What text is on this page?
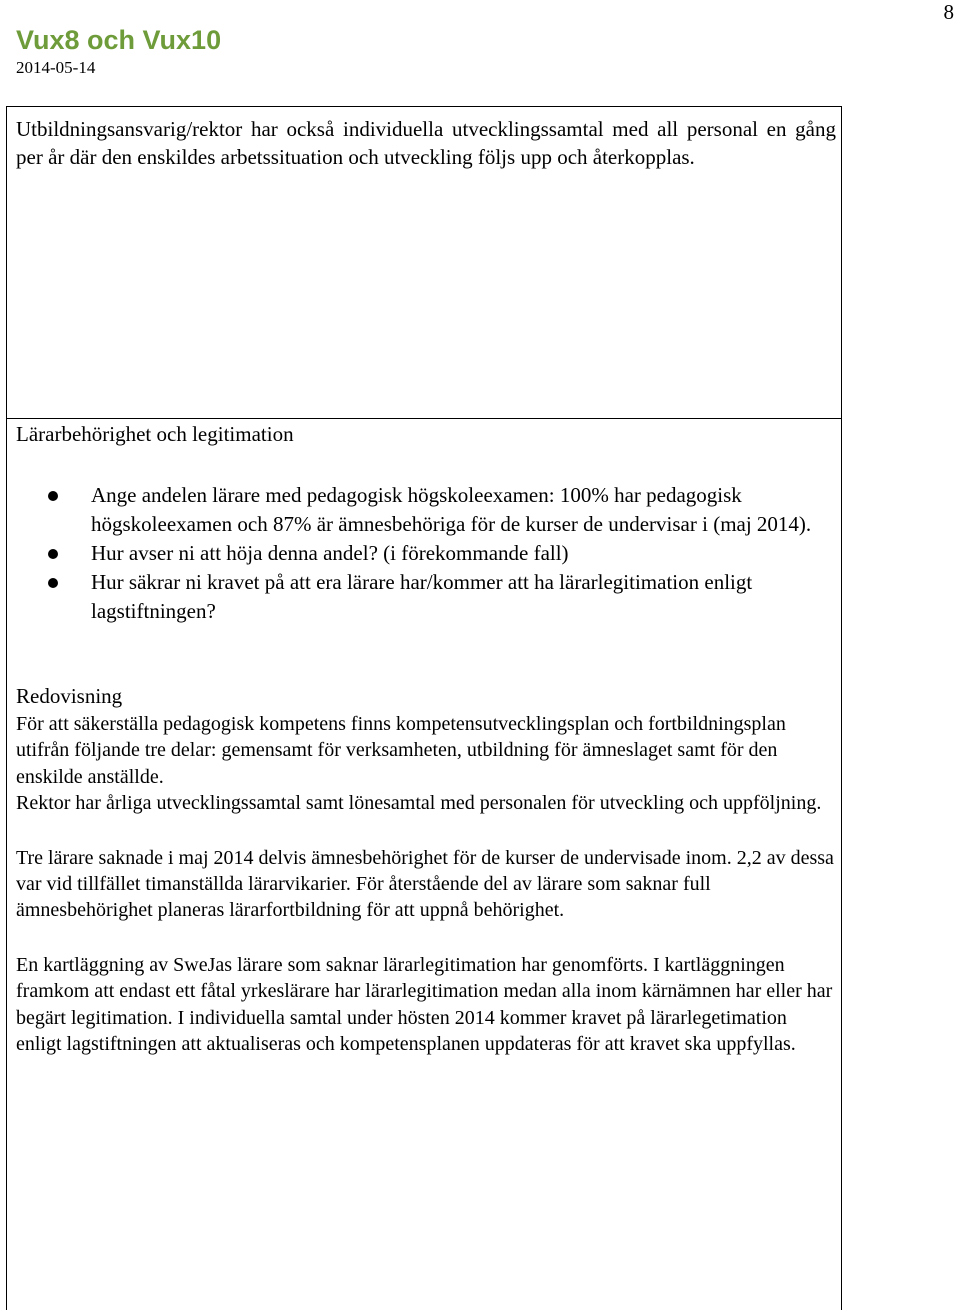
8
Vux8 och Vux10
2014-05-14
Utbildningsansvarig/rektor har också individuella utvecklingssamtal med all personal en gång per år där den enskildes arbetssituation och utveckling följs upp och återkopplas.
Lärarbehörighet och legitimation
Ange andelen lärare med pedagogisk högskoleexamen: 100% har pedagogisk högskoleexamen och 87% är ämnesbehöriga för de kurser de undervisar i (maj 2014).
Hur avser ni att höja denna andel? (i förekommande fall)
Hur säkrar ni kravet på att era lärare har/kommer att ha lärarlegitimation enligt lagstiftningen?
Redovisning
För att säkerställa pedagogisk kompetens finns kompetensutvecklingsplan och fortbildningsplan utifrån följande tre delar: gemensamt för verksamheten, utbildning för ämneslaget samt för den enskilde anställde.
Rektor har årliga utvecklingssamtal samt lönesamtal med personalen för utveckling och uppföljning.
Tre lärare saknade i maj 2014 delvis ämnesbehörighet för de kurser de undervisade inom. 2,2 av dessa var vid tillfället timanställda lärarvikarier. För återstående del av lärare som saknar full ämnesbehörighet planeras lärarfortbildning för att uppnå behörighet.
En kartläggning av SweJas lärare som saknar lärarlegitimation har genomförts. I kartläggningen framkom att endast ett fåtal yrkeslärare har lärarlegitimation medan alla inom kärnämnen har eller har begärt legitimation. I individuella samtal under hösten 2014 kommer kravet på lärarlegetimation enligt lagstiftningen att aktualiseras och kompetensplanen uppdateras för att kravet ska uppfyllas.
